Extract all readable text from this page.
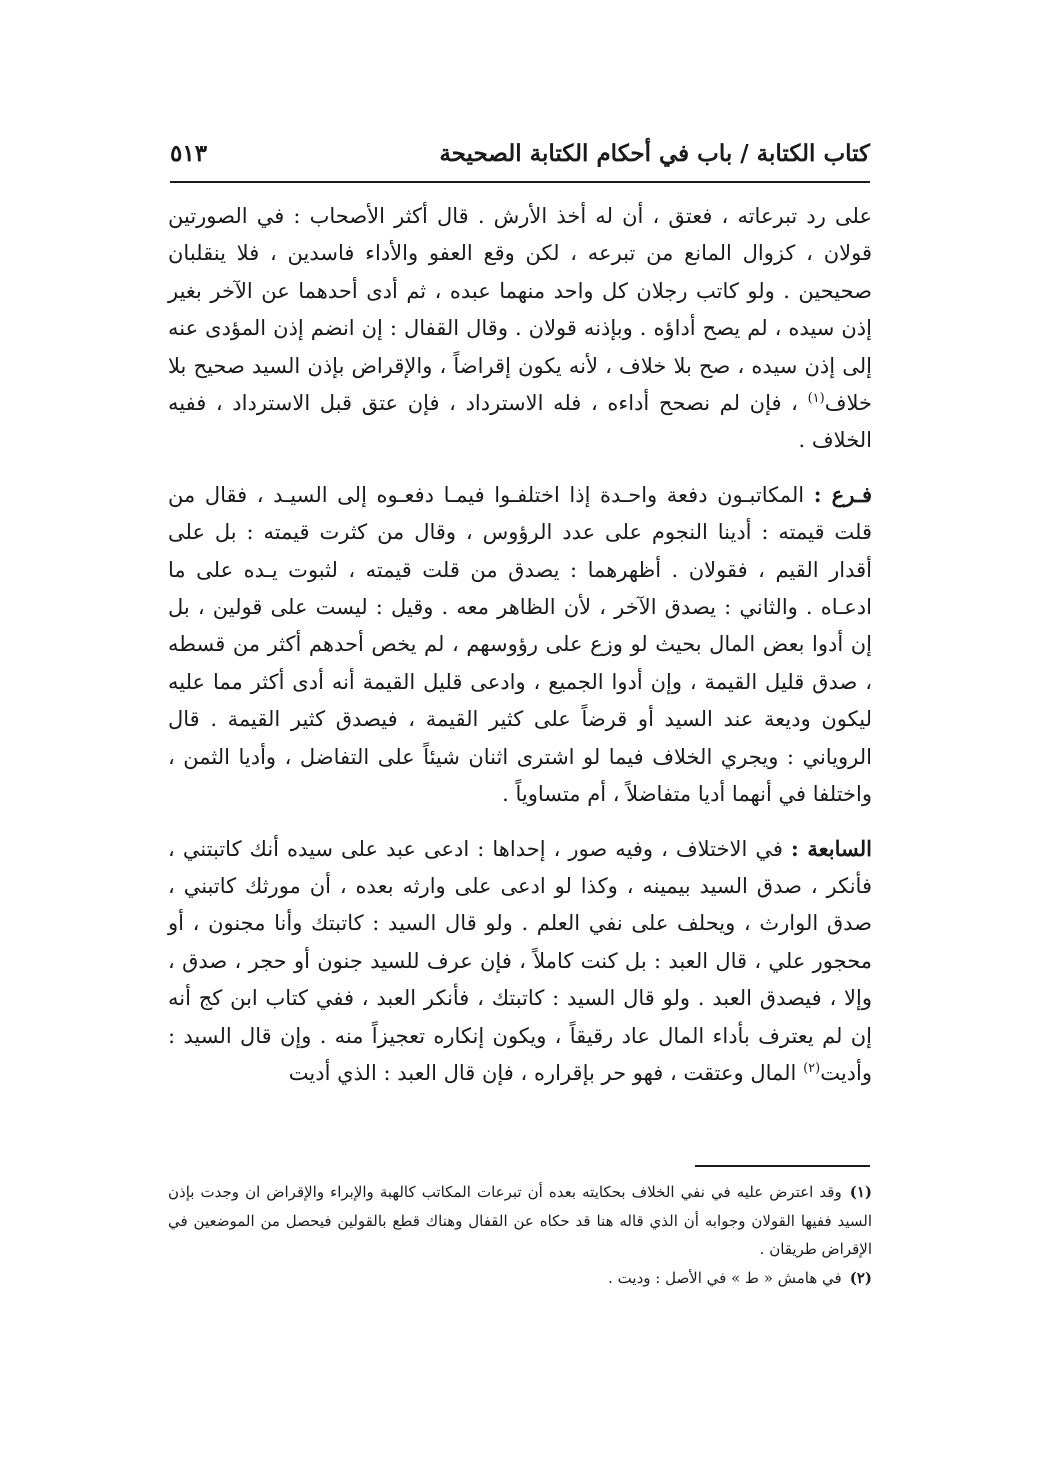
كتاب الكتابة / باب في أحكام الكتابة الصحيحة
٥١٣

على رد تبرعاته ، فعتق ، أن له أخذ الأرش . قال أكثر الأصحاب : في الصورتين قولان ، كزوال المانع من تبرعه ، لكن وقع العفو والأداء فاسدين ، فلا ينقلبان صحيحين . ولو كاتب رجلان كل واحد منهما عبده ، ثم أدى أحدهما عن الآخر بغير إذن سيده ، لم يصح أداؤه . وبإذنه قولان . وقال القفال : إن انضم إذن المؤدى عنه إلى إذن سيده ، صح بلا خلاف ، لأنه يكون إقراضاً ، والإقراض بإذن السيد صحيح بلا خلاف$^{(١)}$ ، فإن لم نصحح أداءه ، فله الاسترداد ، فإن عتق قبل الاسترداد ، ففيه الخلاف .

فـرع : المكاتبـون دفعة واحـدة إذا اختلفـوا فيمـا دفعـوه إلى السيـد ، فقال من قلت قيمته : أدينا النجوم على عدد الرؤوس ، وقال من كثرت قيمته : بل على أقدار القيم ، فقولان . أظهرهما : يصدق من قلت قيمته ، لثبوت يـده على ما ادعـاه . والثاني : يصدق الآخر ، لأن الظاهر معه . وقيل : ليست على قولين ، بل إن أدوا بعض المال بحيث لو وزع على رؤوسهم ، لم يخص أحدهم أكثر من قسطه ، صدق قليل القيمة ، وإن أدوا الجميع ، وادعى قليل القيمة أنه أدى أكثر مما عليه ليكون وديعة عند السيد أو قرضاً على كثير القيمة ، فيصدق كثير القيمة . قال الروياني : ويجري الخلاف فيما لو اشترى اثنان شيئاً على التفاضل ، وأديا الثمن ، واختلفا في أنهما أديا متفاضلاً ، أم متساوياً .

السابعة : في الاختلاف ، وفيه صور ، إحداها : ادعى عبد على سيده أنك كاتبتني ، فأنكر ، صدق السيد بيمينه ، وكذا لو ادعى على وارثه بعده ، أن مورثك كاتبني ، صدق الوارث ، ويحلف على نفي العلم . ولو قال السيد : كاتبتك وأنا مجنون ، أو محجور علي ، قال العبد : بل كنت كاملاً ، فإن عرف للسيد جنون أو حجر ، صدق ، وإلا ، فيصدق العبد . ولو قال السيد : كاتبتك ، فأنكر العبد ، ففي كتاب ابن كج أنه إن لم يعترف بأداء المال عاد رقيقاً ، ويكون إنكاره تعجيزاً منه . وإن قال السيد : وأديت$^{(٢)}$ المال وعتقت ، فهو حر بإقراره ، فإن قال العبد : الذي أديت

(١)وقد اعترض عليه في نفي الخلاف بحكايته بعده أن تبرعات المكاتب كالهبة والإبراء والإقراض ان وجدت بإذن السيد ففيها القولان وجوابه أن الذي قاله هنا قد حكاه عن القفال وهناك قطع بالقولين فيحصل من الموضعين في الإقراض طريقان .

(٢)في هامش « ط » في الأصل : وديت .
